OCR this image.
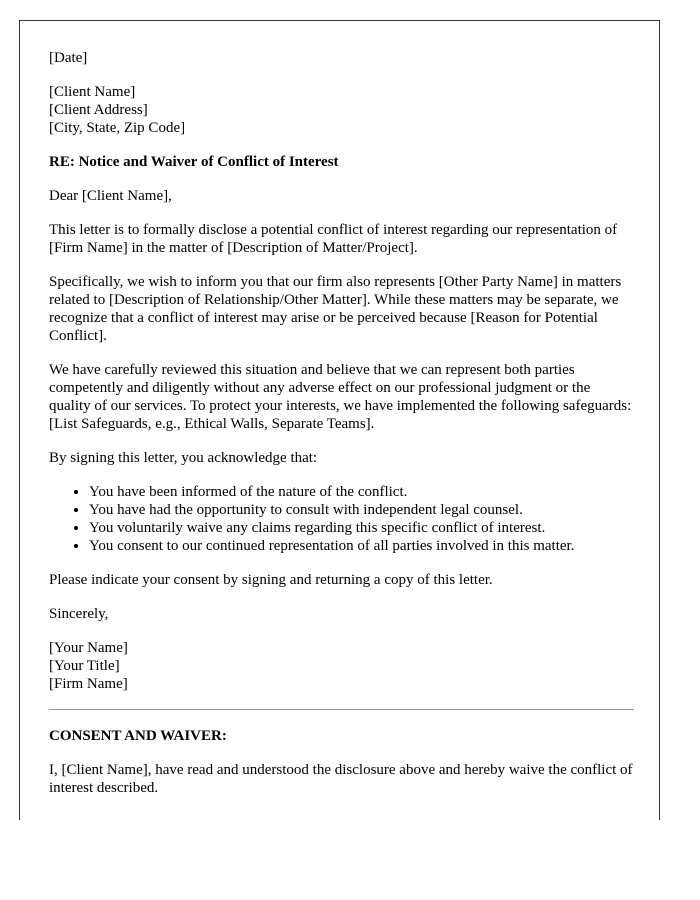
[Date]

[Client Name]
[Client Address]
[City, State, Zip Code]

RE: Notice and Waiver of Conflict of Interest

Dear [Client Name],

This letter is to formally disclose a potential conflict of interest regarding our representation of [Firm Name] in the matter of [Description of Matter/Project].

Specifically, we wish to inform you that our firm also represents [Other Party Name] in matters related to [Description of Relationship/Other Matter]. While these matters may be separate, we recognize that a conflict of interest may arise or be perceived because [Reason for Potential Conflict].

We have carefully reviewed this situation and believe that we can represent both parties competently and diligently without any adverse effect on our professional judgment or the quality of our services. To protect your interests, we have implemented the following safeguards: [List Safeguards, e.g., Ethical Walls, Separate Teams].

By signing this letter, you acknowledge that:

• You have been informed of the nature of the conflict.
• You have had the opportunity to consult with independent legal counsel.
• You voluntarily waive any claims regarding this specific conflict of interest.
• You consent to our continued representation of all parties involved in this matter.

Please indicate your consent by signing and returning a copy of this letter.

Sincerely,

[Your Name]
[Your Title]
[Firm Name]

CONSENT AND WAIVER:

I, [Client Name], have read and understood the disclosure above and hereby waive the conflict of interest described.
